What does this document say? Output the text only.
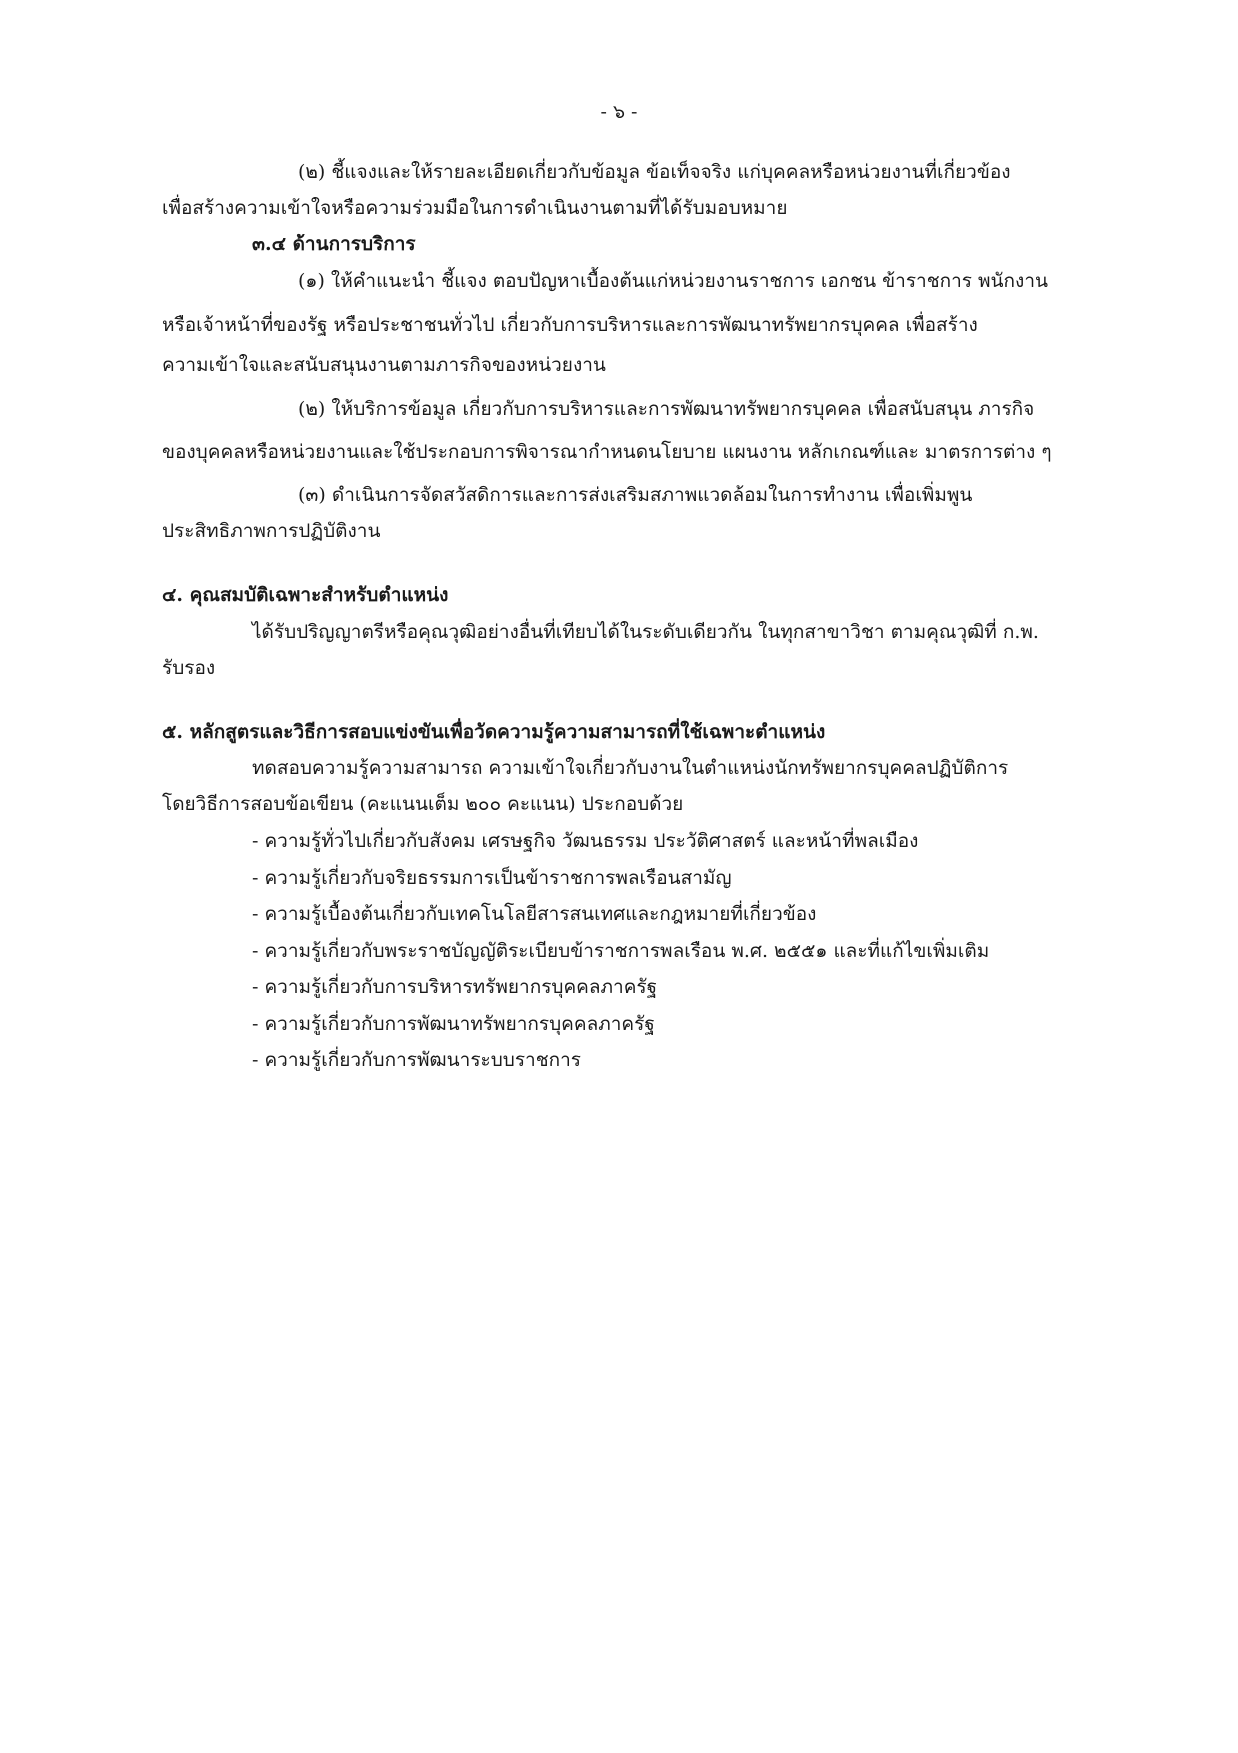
- ๖ -
(๒) ชี้แจงและให้รายละเอียดเกี่ยวกับข้อมูล ข้อเท็จจริง แก่บุคคลหรือหน่วยงานที่เกี่ยวข้อง
เพื่อสร้างความเข้าใจหรือความร่วมมือในการดำเนินงานตามที่ได้รับมอบหมาย
๓.๔ ด้านการบริการ
(๑) ให้คำแนะนำ ชี้แจง ตอบปัญหาเบื้องต้นแก่หน่วยงานราชการ เอกชน ข้าราชการ พนักงาน
หรือเจ้าหน้าที่ของรัฐ หรือประชาชนทั่วไป เกี่ยวกับการบริหารและการพัฒนาทรัพยากรบุคคล เพื่อสร้าง
ความเข้าใจและสนับสนุนงานตามภารกิจของหน่วยงาน
(๒) ให้บริการข้อมูล เกี่ยวกับการบริหารและการพัฒนาทรัพยากรบุคคล เพื่อสนับสนุน ภารกิจ
ของบุคคลหรือหน่วยงานและใช้ประกอบการพิจารณากำหนดนโยบาย แผนงาน หลักเกณฑ์และ มาตรการต่าง ๆ
(๓) ดำเนินการจัดสวัสดิการและการส่งเสริมสภาพแวดล้อมในการทำงาน เพื่อเพิ่มพูน
ประสิทธิภาพการปฏิบัติงาน
๔. คุณสมบัติเฉพาะสำหรับตำแหน่ง
ได้รับปริญญาตรีหรือคุณวุฒิอย่างอื่นที่เทียบได้ในระดับเดียวกัน ในทุกสาขาวิชา ตามคุณวุฒิที่ ก.พ.
รับรอง
๕. หลักสูตรและวิธีการสอบแข่งขันเพื่อวัดความรู้ความสามารถที่ใช้เฉพาะตำแหน่ง
ทดสอบความรู้ความสามารถ ความเข้าใจเกี่ยวกับงานในตำแหน่งนักทรัพยากรบุคคลปฏิบัติการ
โดยวิธีการสอบข้อเขียน (คะแนนเต็ม ๒๐๐ คะแนน) ประกอบด้วย
- ความรู้ทั่วไปเกี่ยวกับสังคม เศรษฐกิจ วัฒนธรรม ประวัติศาสตร์ และหน้าที่พลเมือง
- ความรู้เกี่ยวกับจริยธรรมการเป็นข้าราชการพลเรือนสามัญ
- ความรู้เบื้องต้นเกี่ยวกับเทคโนโลยีสารสนเทศและกฎหมายที่เกี่ยวข้อง
- ความรู้เกี่ยวกับพระราชบัญญัติระเบียบข้าราชการพลเรือน พ.ศ. ๒๕๕๑ และที่แก้ไขเพิ่มเติม
- ความรู้เกี่ยวกับการบริหารทรัพยากรบุคคลภาครัฐ
- ความรู้เกี่ยวกับการพัฒนาทรัพยากรบุคคลภาครัฐ
- ความรู้เกี่ยวกับการพัฒนาระบบราชการ
